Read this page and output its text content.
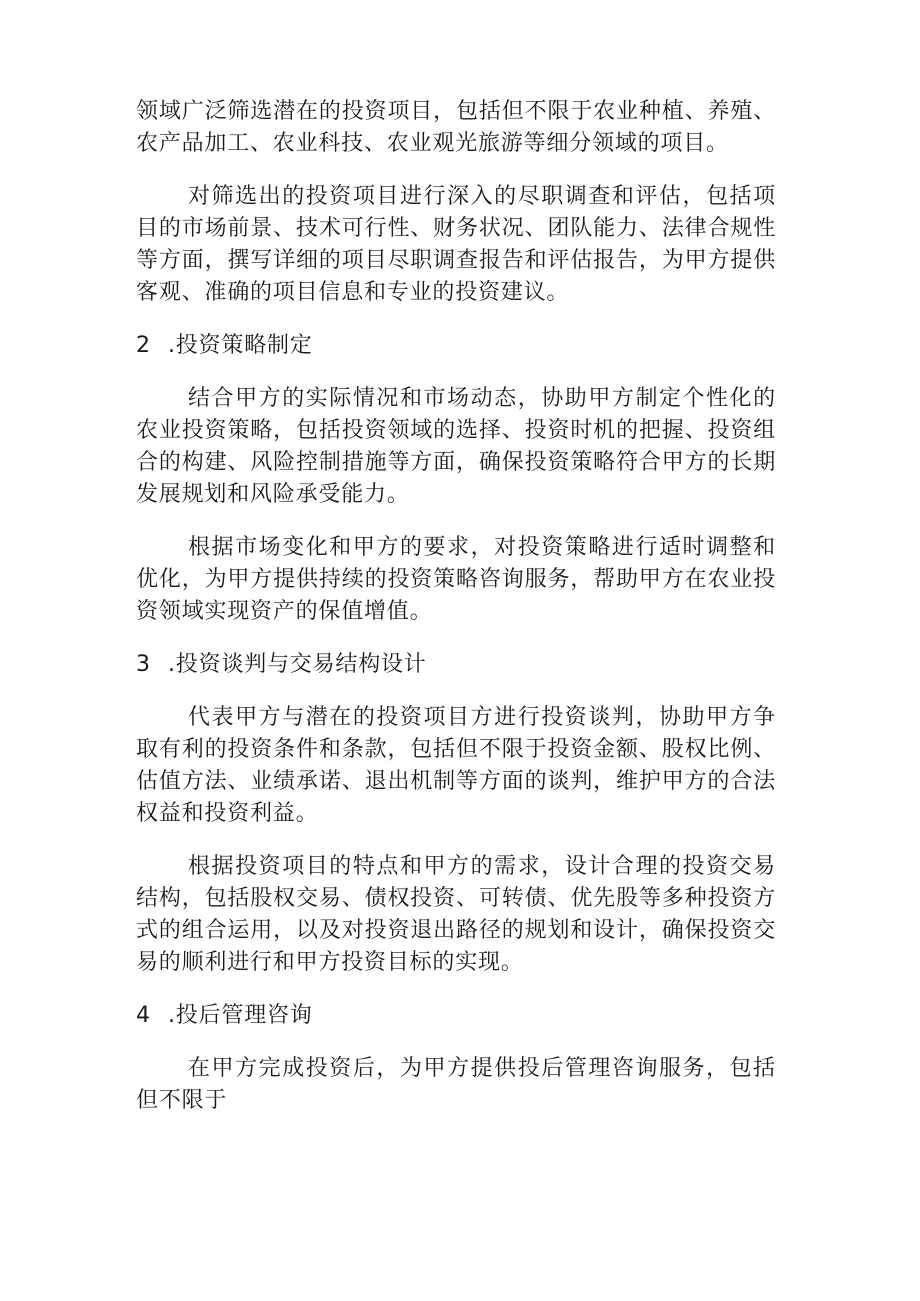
领域广泛筛选潜在的投资项目，包括但不限于农业种植、养殖、农产品加工、农业科技、农业观光旅游等细分领域的项目。

对筛选出的投资项目进行深入的尽职调查和评估，包括项目的市场前景、技术可行性、财务状况、团队能力、法律合规性等方面，撰写详细的项目尽职调查报告和评估报告，为甲方提供客观、准确的项目信息和专业的投资建议。

2 .投资策略制定

结合甲方的实际情况和市场动态，协助甲方制定个性化的农业投资策略，包括投资领域的选择、投资时机的把握、投资组合的构建、风险控制措施等方面，确保投资策略符合甲方的长期发展规划和风险承受能力。

根据市场变化和甲方的要求，对投资策略进行适时调整和优化，为甲方提供持续的投资策略咨询服务，帮助甲方在农业投资领域实现资产的保值增值。

3 .投资谈判与交易结构设计

代表甲方与潜在的投资项目方进行投资谈判，协助甲方争取有利的投资条件和条款，包括但不限于投资金额、股权比例、估值方法、业绩承诺、退出机制等方面的谈判，维护甲方的合法权益和投资利益。

根据投资项目的特点和甲方的需求，设计合理的投资交易结构，包括股权交易、债权投资、可转债、优先股等多种投资方式的组合运用，以及对投资退出路径的规划和设计，确保投资交易的顺利进行和甲方投资目标的实现。

4 .投后管理咨询

在甲方完成投资后，为甲方提供投后管理咨询服务，包括但不限于
